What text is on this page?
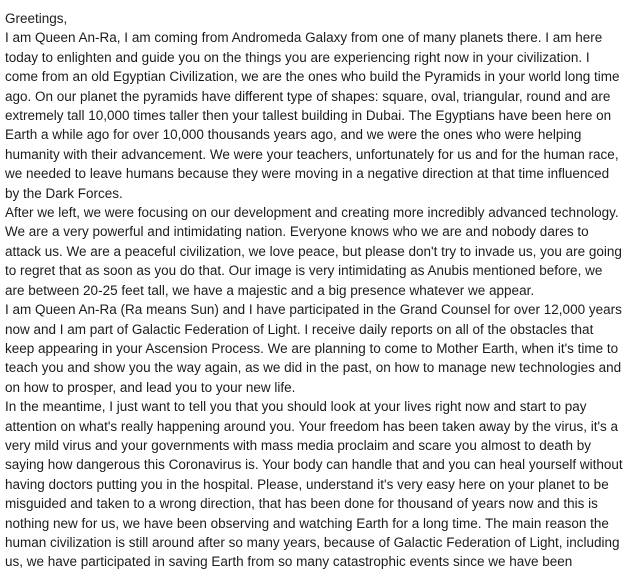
Greetings,
I am Queen An-Ra, I am coming from Andromeda Galaxy from one of many planets there. I am here
today to enlighten and guide you on the things you are experiencing right now in your civilization. I
come from an old Egyptian Civilization, we are the ones who build the Pyramids in your world long time
ago. On our planet the pyramids have different type of shapes: square, oval, triangular, round and are
extremely tall 10,000 times taller then your tallest building in Dubai. The Egyptians have been here on
Earth a while ago for over 10,000 thousands years ago, and we were the ones who were helping
humanity with their advancement. We were your teachers, unfortunately for us and for the human race,
we needed to leave humans because they were moving in a negative direction at that time influenced
by the Dark Forces.
After we left, we were focusing on our development and creating more incredibly advanced technology.
We are a very powerful and intimidating nation. Everyone knows who we are and nobody dares to
attack us. We are a peaceful civilization, we love peace, but please don't try to invade us, you are going
to regret that as soon as you do that. Our image is very intimidating as Anubis mentioned before, we
are between 20-25 feet tall, we have a majestic and a big presence whatever we appear.
I am Queen An-Ra (Ra means Sun) and I have participated in the Grand Counsel for over 12,000 years
now and I am part of Galactic Federation of Light. I receive daily reports on all of the obstacles that
keep appearing in your Ascension Process. We are planning to come to Mother Earth, when it's time to
teach you and show you the way again, as we did in the past, on how to manage new technologies and
on how to prosper, and lead you to your new life.
In the meantime, I just want to tell you that you should look at your lives right now and start to pay
attention on what's really happening around you. Your freedom has been taken away by the virus, it's a
very mild virus and your governments with mass media proclaim and scare you almost to death by
saying how dangerous this Coronavirus is. Your body can handle that and you can heal yourself without
having doctors putting you in the hospital. Please, understand it's very easy here on your planet to be
misguided and taken to a wrong direction, that has been done for thousand of years now and this is
nothing new for us, we have been observing and watching Earth for a long time. The main reason the
human civilization is still around after so many years, because of Galactic Federation of Light, including
us, we have participated in saving Earth from so many catastrophic events since we have been
